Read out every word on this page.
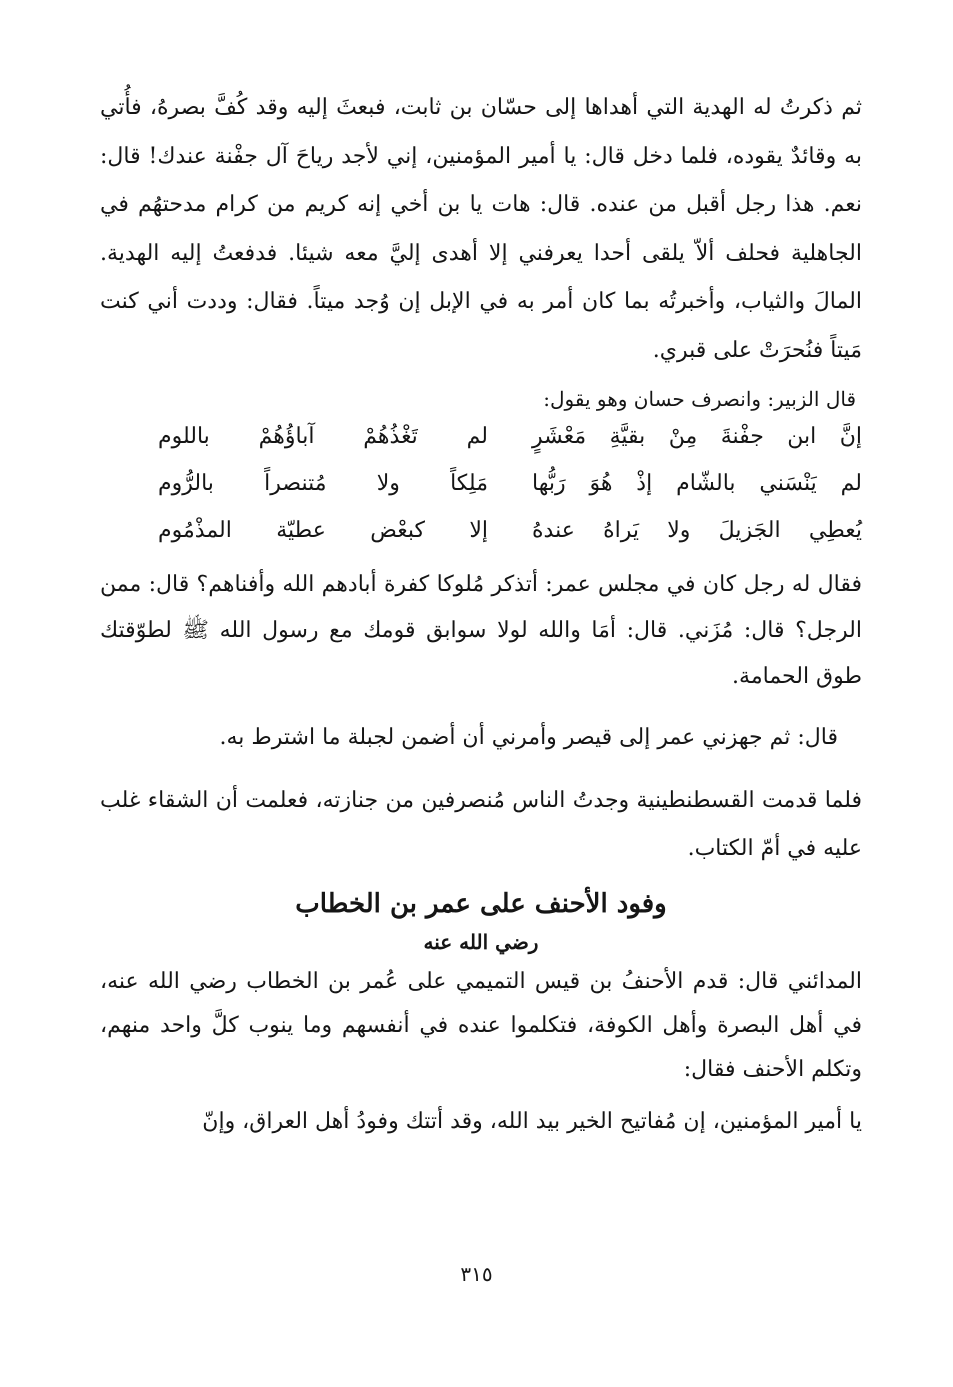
ثم ذكرتُ له الهدية التي أهداها إلى حسّان بن ثابت، فبعثَ إليه وقد كُفَّ بصرهُ، فأُتي به وقائدٌ يقوده، فلما دخل قال: يا أمير المؤمنين، إني لأجد رياحَ آل جفْنة عندك! قال: نعم. هذا رجل أقبل من عنده. قال: هات يا بن أخي إنه كريم من كرام مدحتهُم في الجاهلية فحلف ألاّ يلقى أحدا يعرفني إلا أهدى إليَّ معه شيئا. فدفعتُ إليه الهدية. المالَ والثياب، وأخبرتُه بما كان أمر به في الإبل إن وُجد ميتاً. فقال: وددت أني كنت مَيتاً فنُحرَتْ على قبري.

قال الزبير: وانصرف حسان وهو يقول:

إنَّ ابن جفْنةَ مِنْ بقيَّةِ مَعْشَرٍ
لم تَغْذُهُمْ آباؤُهُمْ باللوم
لم يَنْسَني بالشّام إذْ هُوَ رَبُّها
مَلِكاً ولا مُتنصراً بالرُّوم
يُعطِي الجَزيلَ ولا يَراهُ عندهُ
إلا كبعْض عطيّة المذْمُوم

فقال له رجل كان في مجلس عمر: أتذكر مُلوكا كفرة أبادهم الله وأفناهم؟ قال: ممن الرجل؟ قال: مُزَني. قال: أمَا والله لولا سوابق قومك مع رسول الله ﷺ لطوّقتك طوق الحمامة.

قال: ثم جهزني عمر إلى قيصر وأمرني أن أضمن لجبلة ما اشترط به.

فلما قدمت القسطنطينية وجدتُ الناس مُنصرفين من جنازته، فعلمت أن الشقاء غلب عليه في أمّ الكتاب.

وفود الأحنف على عمر بن الخطاب
رضي الله عنه

المدائني قال: قدم الأحنفُ بن قيس التميمي على عُمر بن الخطاب رضي الله عنه، في أهل البصرة وأهل الكوفة، فتكلموا عنده في أنفسهم وما ينوب كلَّ واحد منهم، وتكلم الأحنف فقال:

يا أمير المؤمنين، إن مُفاتيح الخير بيد الله، وقد أتتك وفودُ أهل العراق، وإنّ

٣١٥
